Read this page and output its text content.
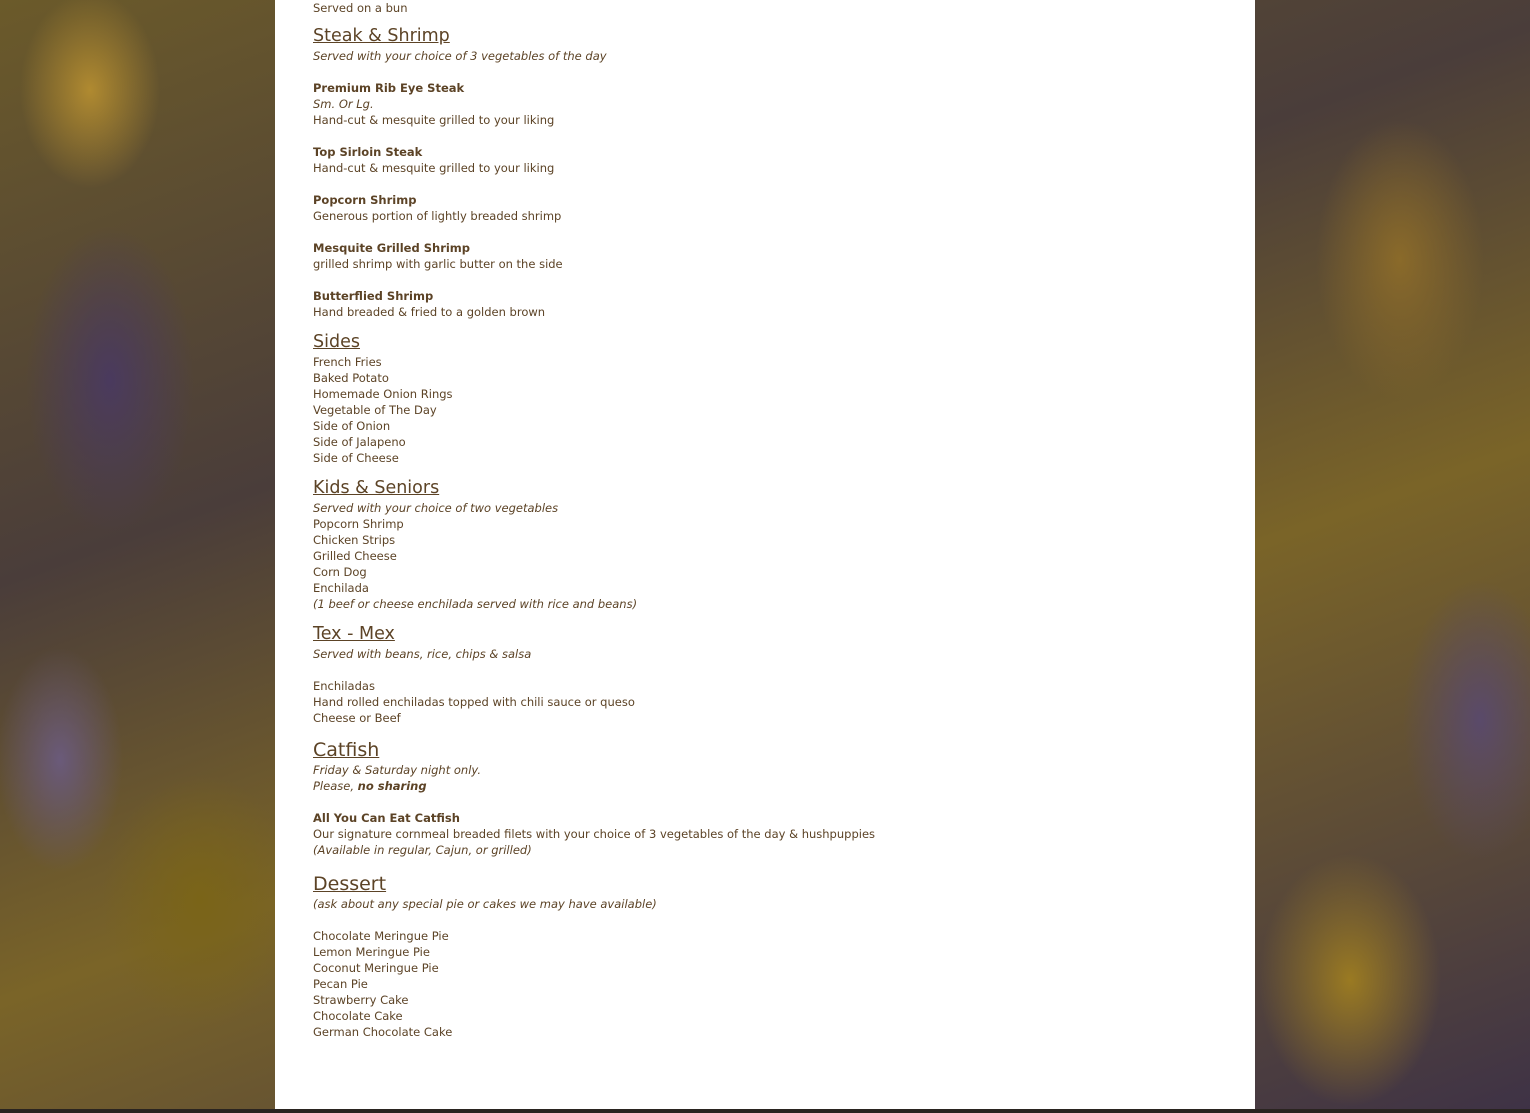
Served on a bun
Steak & Shrimp
Served with your choice of 3 vegetables of the day
Premium Rib Eye Steak
Sm. Or Lg.
Hand-cut & mesquite grilled to your liking
Top Sirloin Steak
Hand-cut & mesquite grilled to your liking
Popcorn Shrimp
Generous portion of lightly breaded shrimp
Mesquite Grilled Shrimp
grilled shrimp with garlic butter on the side
Butterflied Shrimp
Hand breaded & fried to a golden brown
Sides
French Fries
Baked Potato
Homemade Onion Rings
Vegetable of The Day
Side of Onion
Side of Jalapeno
Side of Cheese
Kids & Seniors
Served with your choice of two vegetables
Popcorn Shrimp
Chicken Strips
Grilled Cheese
Corn Dog
Enchilada
(1 beef or cheese enchilada served with rice and beans)
Tex - Mex
Served with beans, rice, chips & salsa
Enchiladas
Hand rolled enchiladas topped with chili sauce or queso
Cheese or Beef
Catfish
Friday & Saturday night only.
Please, no sharing
All You Can Eat Catfish
Our signature cornmeal breaded filets with your choice of 3 vegetables of the day & hushpuppies
(Available in regular, Cajun, or grilled)
Dessert
(ask about any special pie or cakes we may have available)
Chocolate Meringue Pie
Lemon Meringue Pie
Coconut Meringue Pie
Pecan Pie
Strawberry Cake
Chocolate Cake
German Chocolate Cake
